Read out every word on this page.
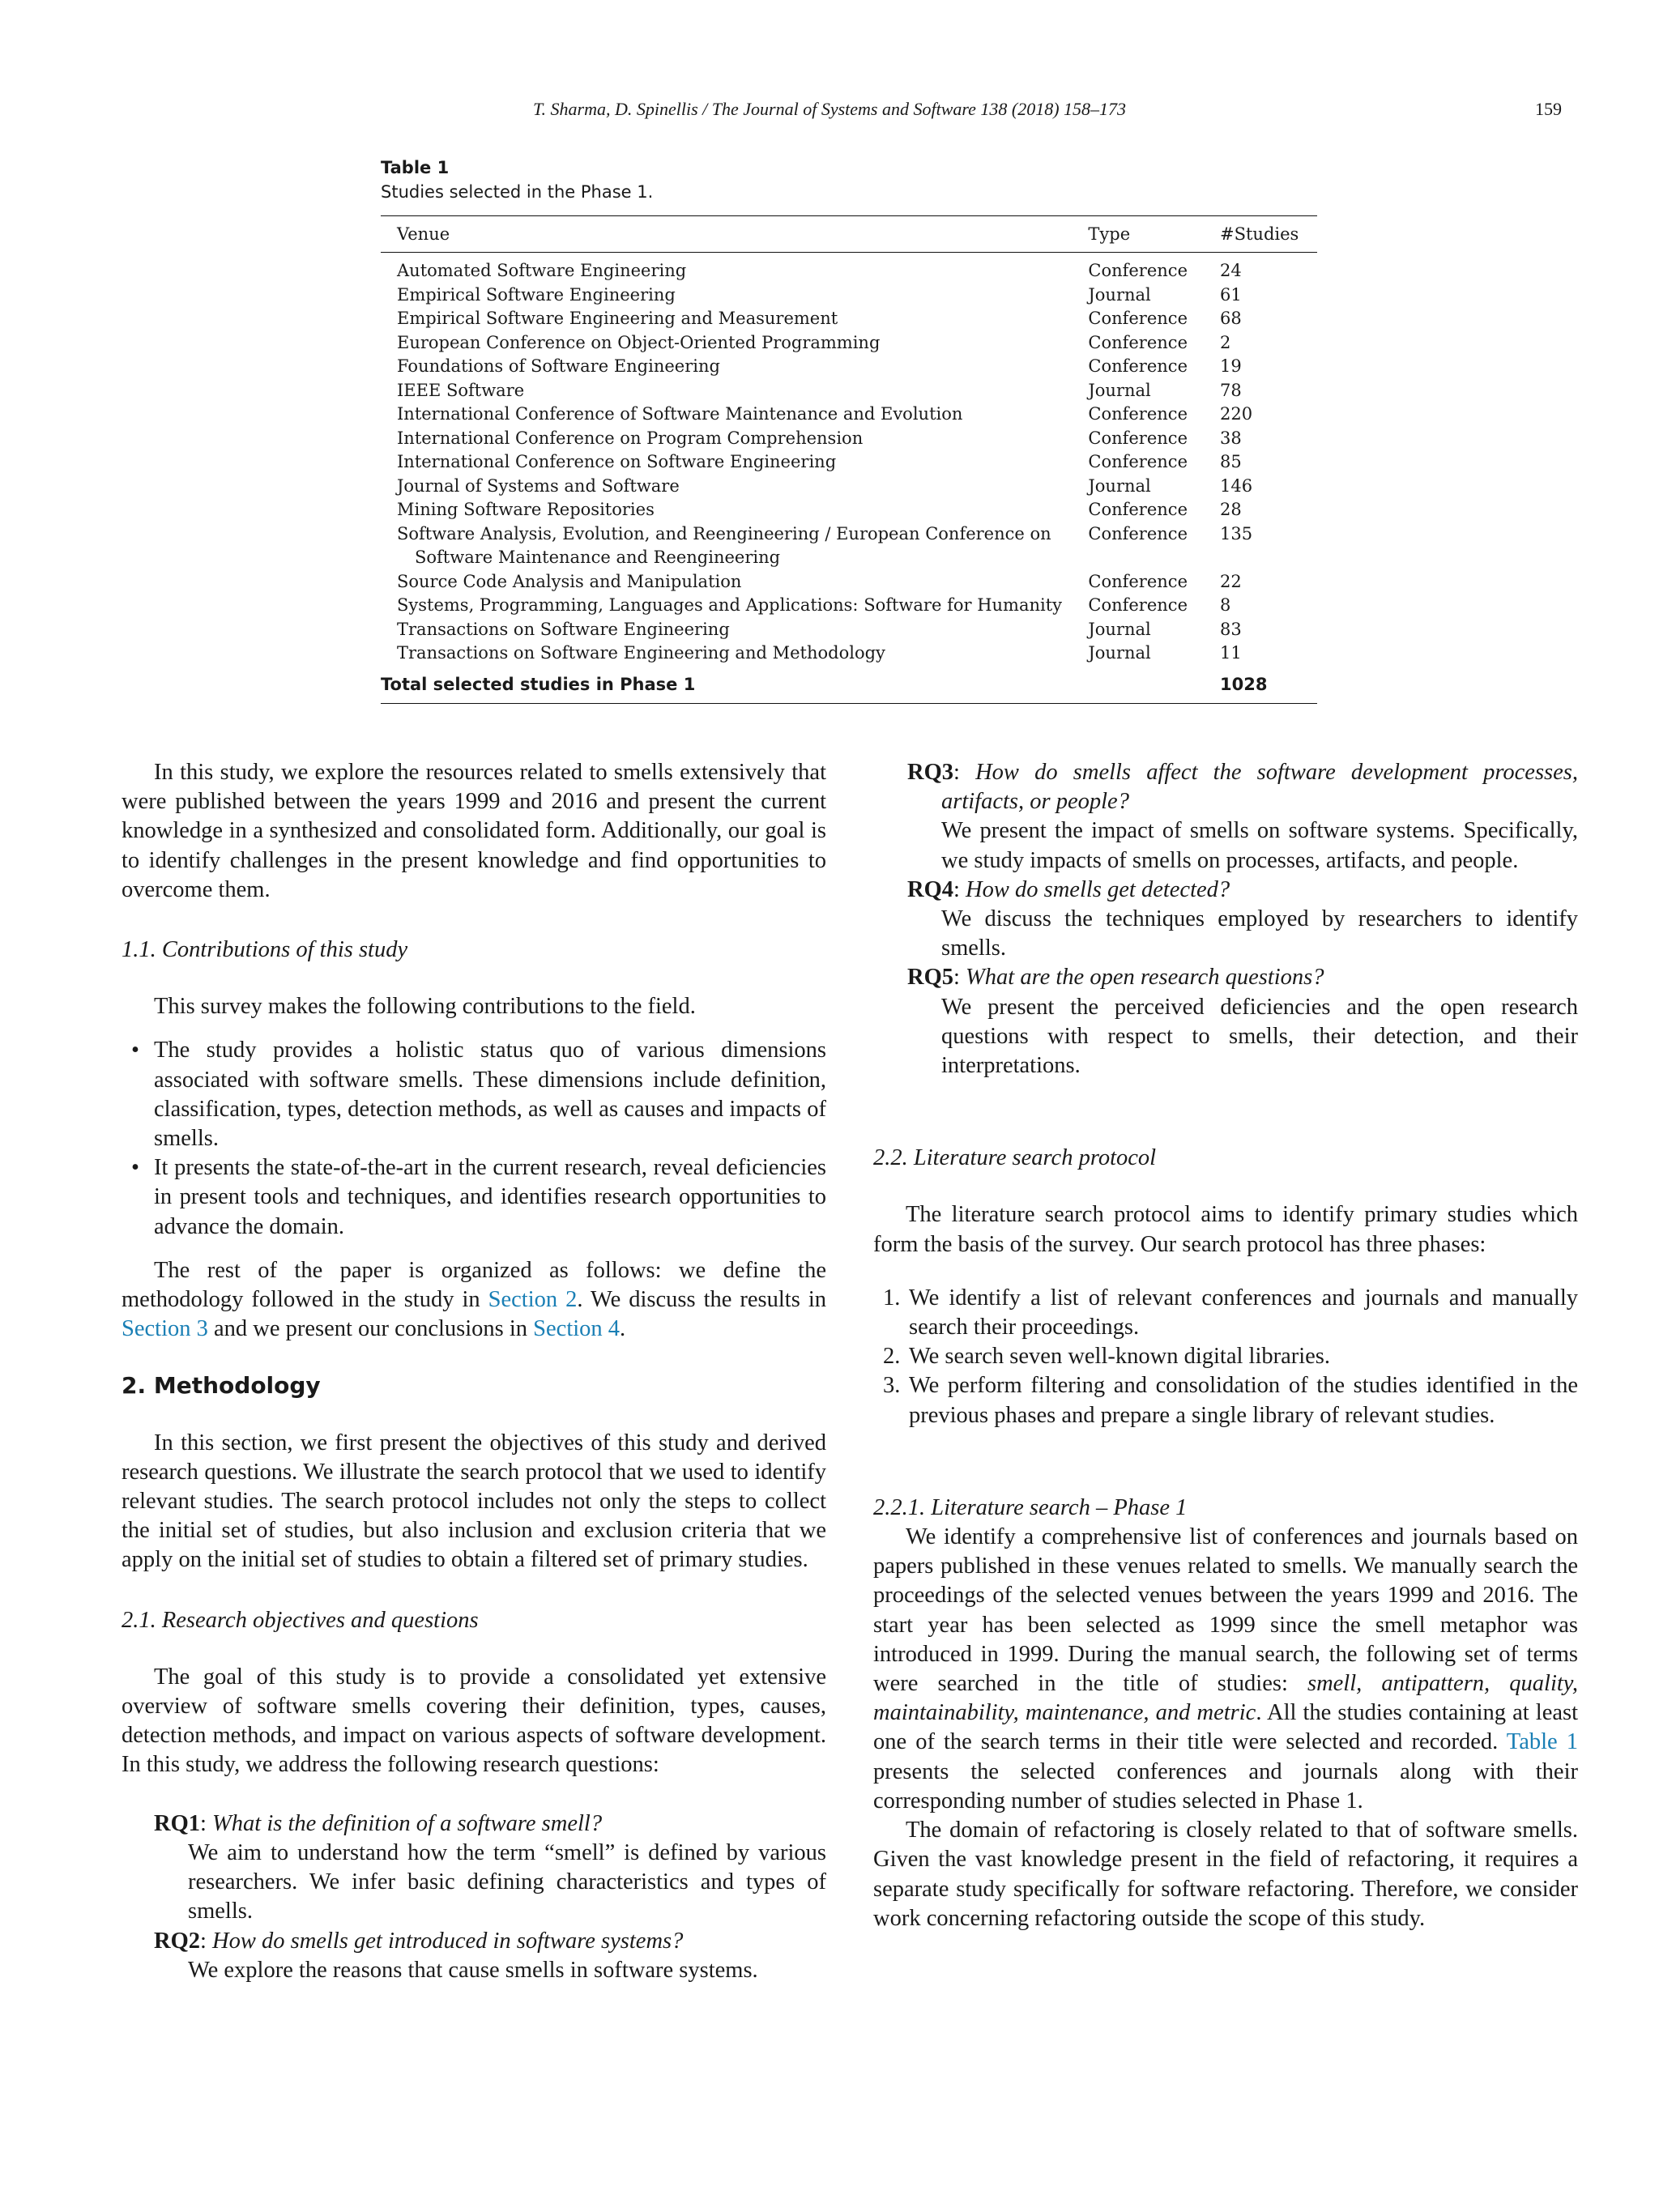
T. Sharma, D. Spinellis / The Journal of Systems and Software 138 (2018) 158–173	159
Table 1
Studies selected in the Phase 1.
Venue	Type	#Studies
Automated Software Engineering	Conference	24
Empirical Software Engineering	Journal	61
Empirical Software Engineering and Measurement	Conference	68
European Conference on Object-Oriented Programming	Conference	2
Foundations of Software Engineering	Conference	19
IEEE Software	Journal	78
International Conference of Software Maintenance and Evolution	Conference	220
International Conference on Program Comprehension	Conference	38
International Conference on Software Engineering	Conference	85
Journal of Systems and Software	Journal	146
Mining Software Repositories	Conference	28
Software Analysis, Evolution, and Reengineering / European Conference on
Software Maintenance and Reengineering	Conference	135
Source Code Analysis and Manipulation	Conference	22
Systems, Programming, Languages and Applications: Software for Humanity	Conference	8
Transactions on Software Engineering	Journal	83
Transactions on Software Engineering and Methodology	Journal	11
Total selected studies in Phase 1		1028

In this study, we explore the resources related to smells extensively that were published between the years 1999 and 2016 and present the current knowledge in a synthesized and consolidated form. Additionally, our goal is to identify challenges in the present knowledge and find opportunities to overcome them.

1.1. Contributions of this study

This survey makes the following contributions to the field.

• The study provides a holistic status quo of various dimensions associated with software smells. These dimensions include definition, classification, types, detection methods, as well as causes and impacts of smells.
• It presents the state-of-the-art in the current research, reveal deficiencies in present tools and techniques, and identifies research opportunities to advance the domain.

The rest of the paper is organized as follows: we define the methodology followed in the study in Section 2. We discuss the results in Section 3 and we present our conclusions in Section 4.

2. Methodology

In this section, we first present the objectives of this study and derived research questions. We illustrate the search protocol that we used to identify relevant studies. The search protocol includes not only the steps to collect the initial set of studies, but also inclusion and exclusion criteria that we apply on the initial set of studies to obtain a filtered set of primary studies.

2.1. Research objectives and questions

The goal of this study is to provide a consolidated yet extensive overview of software smells covering their definition, types, causes, detection methods, and impact on various aspects of software development. In this study, we address the following research questions:

RQ1: What is the definition of a software smell?
We aim to understand how the term “smell” is defined by various researchers. We infer basic defining characteristics and types of smells.
RQ2: How do smells get introduced in software systems?
We explore the reasons that cause smells in software systems.
RQ3: How do smells affect the software development processes, artifacts, or people?
We present the impact of smells on software systems. Specifically, we study impacts of smells on processes, artifacts, and people.
RQ4: How do smells get detected?
We discuss the techniques employed by researchers to identify smells.
RQ5: What are the open research questions?
We present the perceived deficiencies and the open research questions with respect to smells, their detection, and their interpretations.
2.2. Literature search protocol

The literature search protocol aims to identify primary studies which form the basis of the survey. Our search protocol has three phases:

1. We identify a list of relevant conferences and journals and manually search their proceedings.
2. We search seven well-known digital libraries.
3. We perform filtering and consolidation of the studies identified in the previous phases and prepare a single library of relevant studies.
2.2.1. Literature search – Phase 1

We identify a comprehensive list of conferences and journals based on papers published in these venues related to smells. We manually search the proceedings of the selected venues between the years 1999 and 2016. The start year has been selected as 1999 since the smell metaphor was introduced in 1999. During the manual search, the following set of terms were searched in the title of studies: smell, antipattern, quality, maintainability, maintenance, and metric. All the studies containing at least one of the search terms in their title were selected and recorded. Table 1 presents the selected conferences and journals along with their corresponding number of studies selected in Phase 1.

The domain of refactoring is closely related to that of software smells. Given the vast knowledge present in the field of refactoring, it requires a separate study specifically for software refactoring. Therefore, we consider work concerning refactoring outside the scope of this study.
